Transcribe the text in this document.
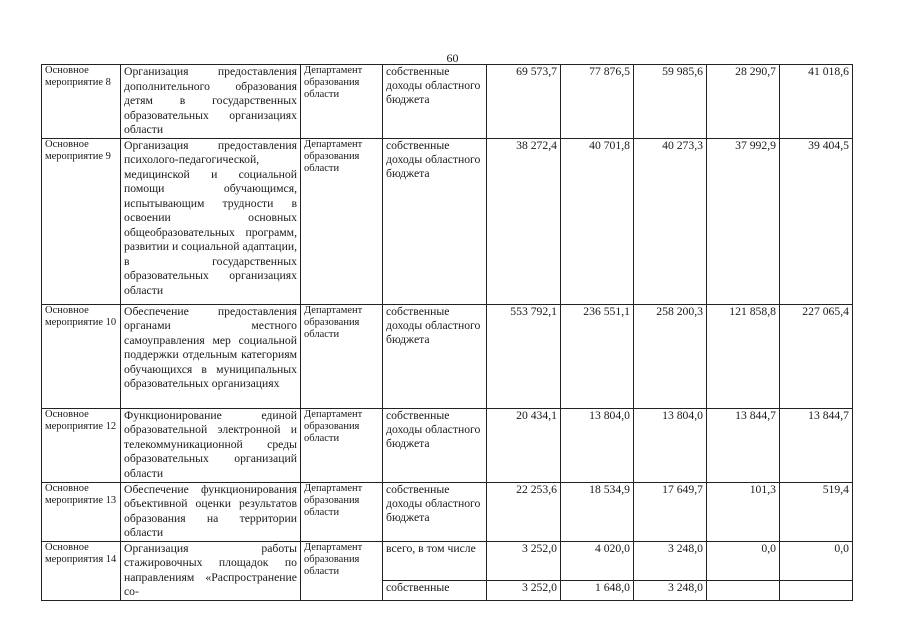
60
Основное мероприятие 8	Организация предоставления дополнительного образования детям в государственных образовательных организациях области	Департамент образования области	собственные доходы областного бюджета	69 573,7	77 876,5	59 985,6	28 290,7	41 018,6
Основное мероприятие 9	Организация предоставления психолого-педагогической, медицинской и социальной помощи обучающимся, испытывающим трудности в освоении основных общеобразовательных программ, развитии и социальной адаптации, в государственных образовательных организациях области	Департамент образования области	собственные доходы областного бюджета	38 272,4	40 701,8	40 273,3	37 992,9	39 404,5
Основное мероприятие 10	Обеспечение предоставления органами местного самоуправления мер социальной поддержки отдельным категориям обучающихся в муниципальных образовательных организациях	Департамент образования области	собственные доходы областного бюджета	553 792,1	236 551,1	258 200,3	121 858,8	227 065,4
Основное мероприятие 12	Функционирование единой образовательной электронной и телекоммуникационной среды образовательных организаций области	Департамент образования области	собственные доходы областного бюджета	20 434,1	13 804,0	13 804,0	13 844,7	13 844,7
Основное мероприятие 13	Обеспечение функционирования объективной оценки результатов образования на территории области	Департамент образования области	собственные доходы областного бюджета	22 253,6	18 534,9	17 649,7	101,3	519,4
Основное мероприятия 14	Организация работы стажировочных площадок по направлениям «Распространение со-	Департамент образования области	всего, в том числе	3 252,0	4 020,0	3 248,0	0,0	0,0
			собственные	3 252,0	1 648,0	3 248,0		
